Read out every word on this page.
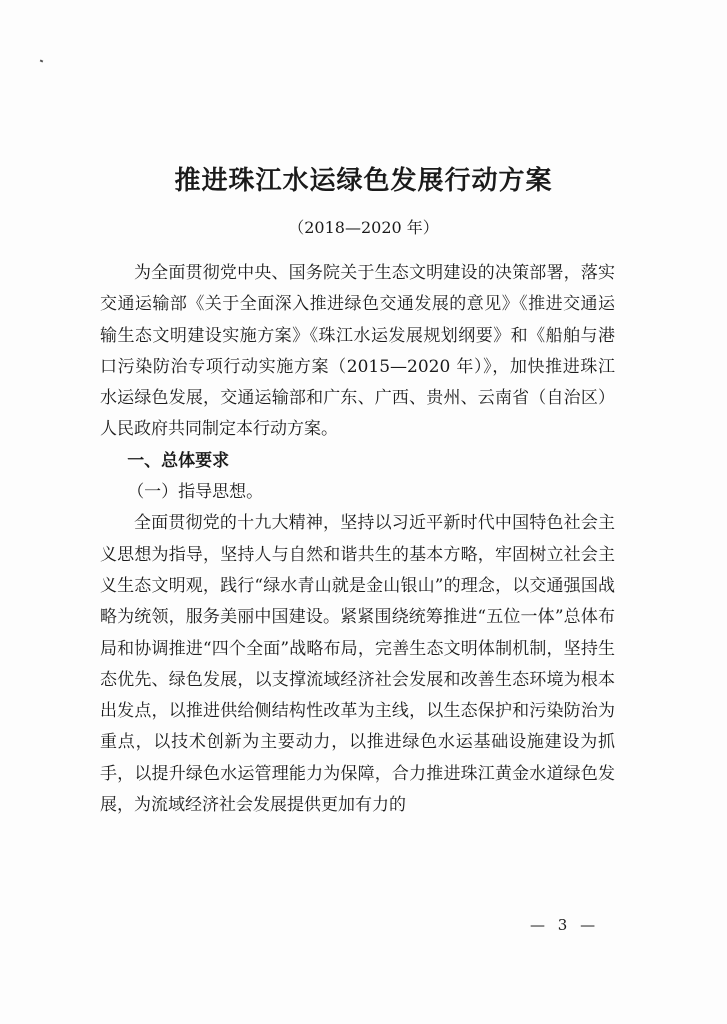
推进珠江水运绿色发展行动方案
（2018—2020 年）

为全面贯彻党中央、国务院关于生态文明建设的决策部署，落实交通运输部《关于全面深入推进绿色交通发展的意见》《推进交通运输生态文明建设实施方案》《珠江水运发展规划纲要》和《船舶与港口污染防治专项行动实施方案（2015—2020 年）》，加快推进珠江水运绿色发展，交通运输部和广东、广西、贵州、云南省（自治区）人民政府共同制定本行动方案。

一、总体要求
（一）指导思想。

全面贯彻党的十九大精神，坚持以习近平新时代中国特色社会主义思想为指导，坚持人与自然和谐共生的基本方略，牢固树立社会主义生态文明观，践行“绿水青山就是金山银山”的理念，以交通强国战略为统领，服务美丽中国建设。紧紧围绕统筹推进“五位一体”总体布局和协调推进“四个全面”战略布局，完善生态文明体制机制，坚持生态优先、绿色发展，以支撑流域经济社会发展和改善生态环境为根本出发点，以推进供给侧结构性改革为主线，以生态保护和污染防治为重点，以技术创新为主要动力，以推进绿色水运基础设施建设为抓手，以提升绿色水运管理能力为保障，合力推进珠江黄金水道绿色发展，为流域经济社会发展提供更加有力的

— 3 —
